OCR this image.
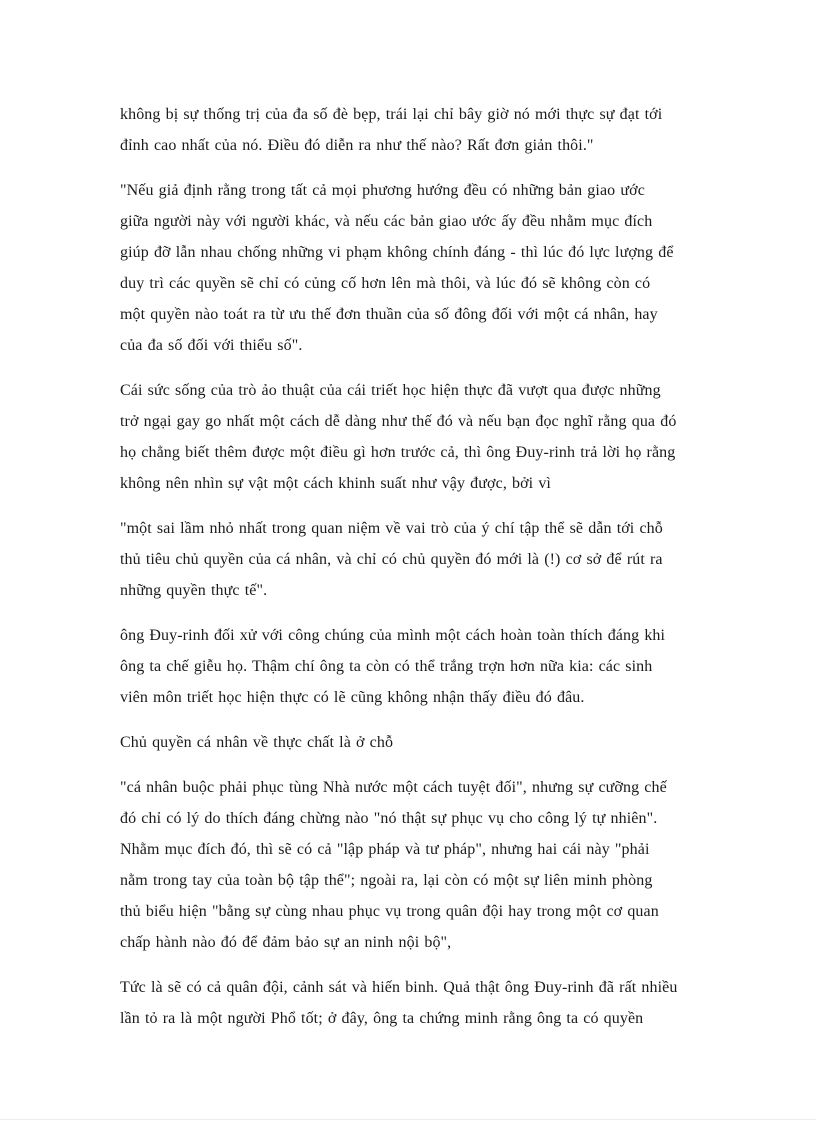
không bị sự thống trị của đa số đè bẹp, trái lại chỉ bây giờ nó mới thực sự đạt tới
đỉnh cao nhất của nó. Điều đó diễn ra như thế nào? Rất đơn giản thôi."

"Nếu giả định rằng trong tất cả mọi phương hướng đều có những bản giao ước
giữa người này với người khác, và nếu các bản giao ước ấy đều nhằm mục đích
giúp đỡ lẫn nhau chống những vi phạm không chính đáng - thì lúc đó lực lượng để
duy trì các quyền sẽ chỉ có củng cố hơn lên mà thôi, và lúc đó sẽ không còn có
một quyền nào toát ra từ ưu thế đơn thuần của số đông đối với một cá nhân, hay
của đa số đối với thiểu số".

Cái sức sống của trò ảo thuật của cái triết học hiện thực đã vượt qua được những
trở ngại gay go nhất một cách dễ dàng như thế đó và nếu bạn đọc nghĩ rằng qua đó
họ chẳng biết thêm được một điều gì hơn trước cả, thì ông Đuy-rinh trả lời họ rằng
không nên nhìn sự vật một cách khinh suất như vậy được, bởi vì

"một sai lầm nhỏ nhất trong quan niệm về vai trò của ý chí tập thể sẽ dẫn tới chỗ
thủ tiêu chủ quyền của cá nhân, và chỉ có chủ quyền đó mới là (!) cơ sở để rút ra
những quyền thực tế".

ông Đuy-rinh đối xử với công chúng của mình một cách hoàn toàn thích đáng khi
ông ta chế giễu họ. Thậm chí ông ta còn có thể trắng trợn hơn nữa kia: các sinh
viên môn triết học hiện thực có lẽ cũng không nhận thấy điều đó đâu.

Chủ quyền cá nhân về thực chất là ở chỗ

"cá nhân buộc phải phục tùng Nhà nước một cách tuyệt đối", nhưng sự cưỡng chế
đó chỉ có lý do thích đáng chừng nào "nó thật sự phục vụ cho công lý tự nhiên".
Nhằm mục đích đó, thì sẽ có cả "lập pháp và tư pháp", nhưng hai cái này "phải
nằm trong tay của toàn bộ tập thể"; ngoài ra, lại còn có một sự liên minh phòng
thủ biểu hiện "bằng sự cùng nhau phục vụ trong quân đội hay trong một cơ quan
chấp hành nào đó để đảm bảo sự an ninh nội bộ",

Tức là sẽ có cả quân đội, cảnh sát và hiến binh. Quả thật ông Đuy-rinh đã rất nhiều
lần tỏ ra là một người Phổ tốt; ở đây, ông ta chứng minh rằng ông ta có quyền
